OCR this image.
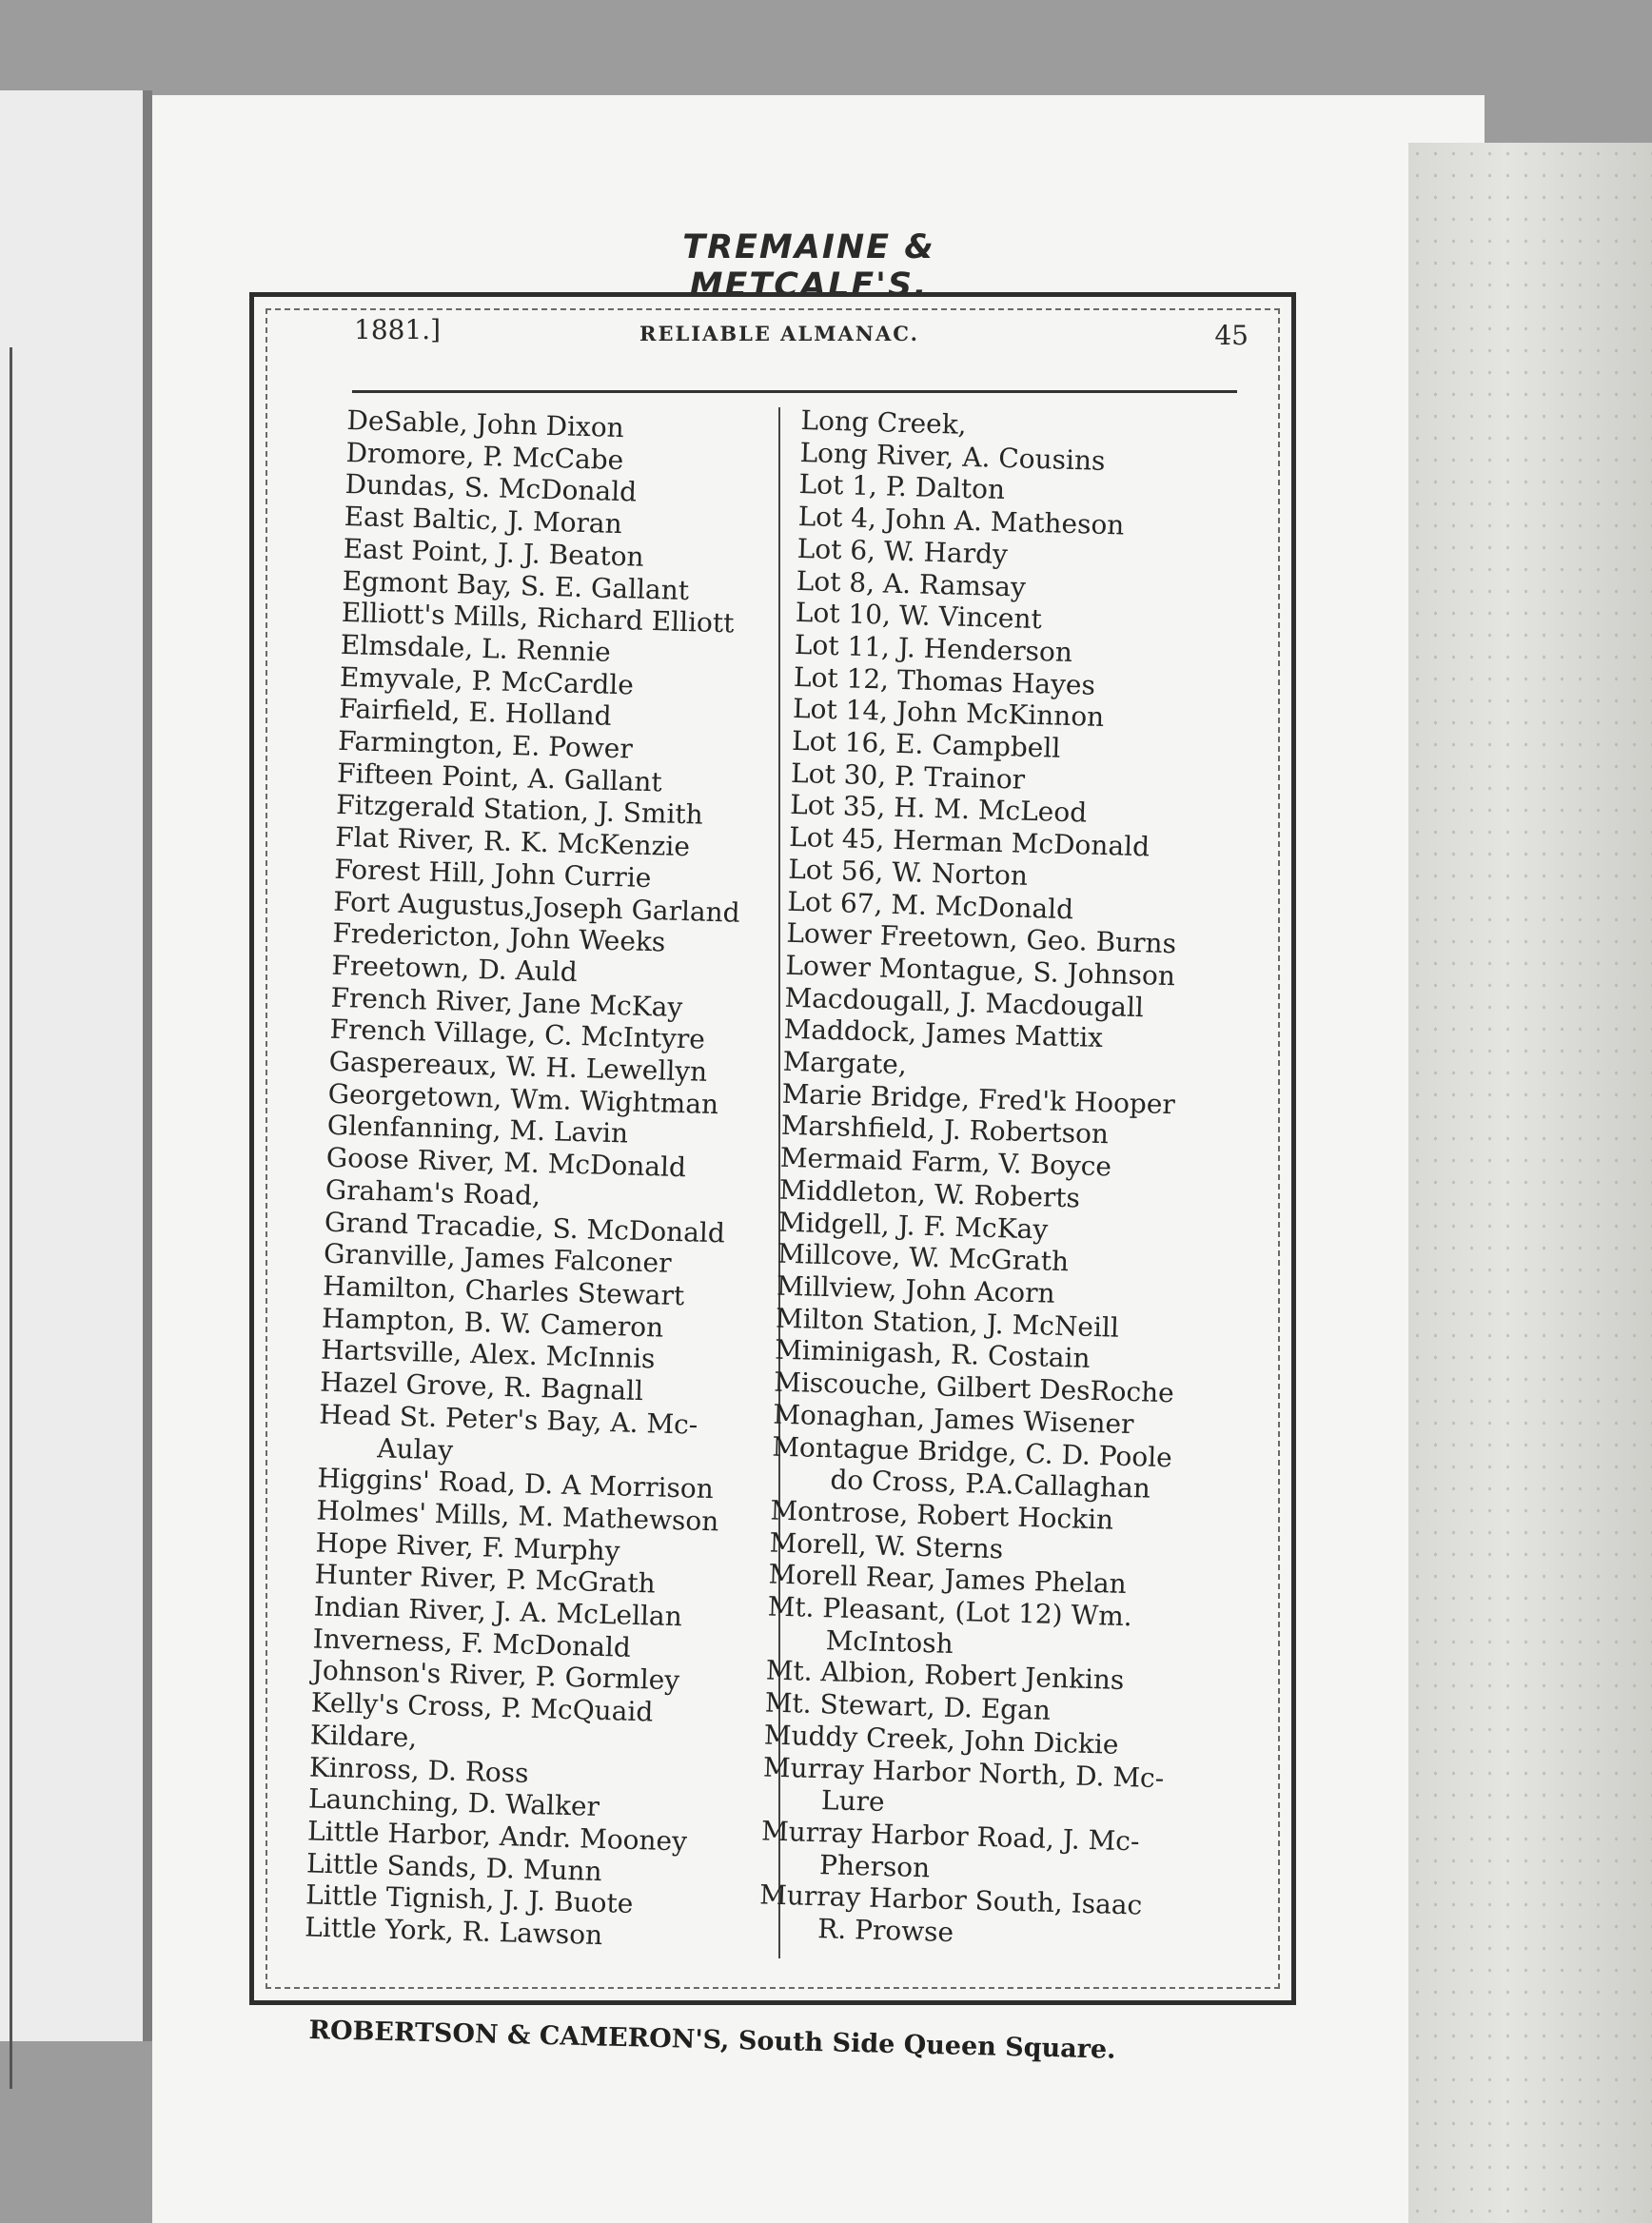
TREMAINE & METCALF'S.
1881.]	RELIABLE ALMANAC.	45
DeSable, John Dixon
Dromore, P. McCabe
Dundas, S. McDonald
East Baltic, J. Moran
East Point, J. J. Beaton
Egmont Bay, S. E. Gallant
Elliott's Mills, Richard Elliott
Elmsdale, L. Rennie
Emyvale, P. McCardle
Fairfield, E. Holland
Farmington, E. Power
Fifteen Point, A. Gallant
Fitzgerald Station, J. Smith
Flat River, R. K. McKenzie
Forest Hill, John Currie
Fort Augustus,Joseph Garland
Fredericton, John Weeks
Freetown, D. Auld
French River, Jane McKay
French Village, C. McIntyre
Gaspereaux, W. H. Lewellyn
Georgetown, Wm. Wightman
Glenfanning, M. Lavin
Goose River, M. McDonald
Graham's Road,
Grand Tracadie, S. McDonald
Granville, James Falconer
Hamilton, Charles Stewart
Hampton, B. W. Cameron
Hartsville, Alex. McInnis
Hazel Grove, R. Bagnall
Head St. Peter's Bay, A. Mc-
Aulay
Higgins' Road, D. A Morrison
Holmes' Mills, M. Mathewson
Hope River, F. Murphy
Hunter River, P. McGrath
Indian River, J. A. McLellan
Inverness, F. McDonald
Johnson's River, P. Gormley
Kelly's Cross, P. McQuaid
Kildare,
Kinross, D. Ross
Launching, D. Walker
Little Harbor, Andr. Mooney
Little Sands, D. Munn
Little Tignish, J. J. Buote
Little York, R. Lawson
Long Creek,
Long River, A. Cousins
Lot 1, P. Dalton
Lot 4, John A. Matheson
Lot 6, W. Hardy
Lot 8, A. Ramsay
Lot 10, W. Vincent
Lot 11, J. Henderson
Lot 12, Thomas Hayes
Lot 14, John McKinnon
Lot 16, E. Campbell
Lot 30, P. Trainor
Lot 35, H. M. McLeod
Lot 45, Herman McDonald
Lot 56, W. Norton
Lot 67, M. McDonald
Lower Freetown, Geo. Burns
Lower Montague, S. Johnson
Macdougall, J. Macdougall
Maddock, James Mattix
Margate,
Marie Bridge, Fred'k Hooper
Marshfield, J. Robertson
Mermaid Farm, V. Boyce
Middleton, W. Roberts
Midgell, J. F. McKay
Millcove, W. McGrath
Millview, John Acorn
Milton Station, J. McNeill
Miminigash, R. Costain
Miscouche, Gilbert DesRoche
Monaghan, James Wisener
Montague Bridge, C. D. Poole
do Cross, P.A.Callaghan
Montrose, Robert Hockin
Morell, W. Sterns
Morell Rear, James Phelan
Mt. Pleasant, (Lot 12) Wm.
McIntosh
Mt. Albion, Robert Jenkins
Mt. Stewart, D. Egan
Muddy Creek, John Dickie
Murray Harbor North, D. Mc-
Lure
Murray Harbor Road, J. Mc-
Pherson
Murray Harbor South, Isaac
R. Prowse
ROBERTSON & CAMERON'S, South Side Queen Square.
